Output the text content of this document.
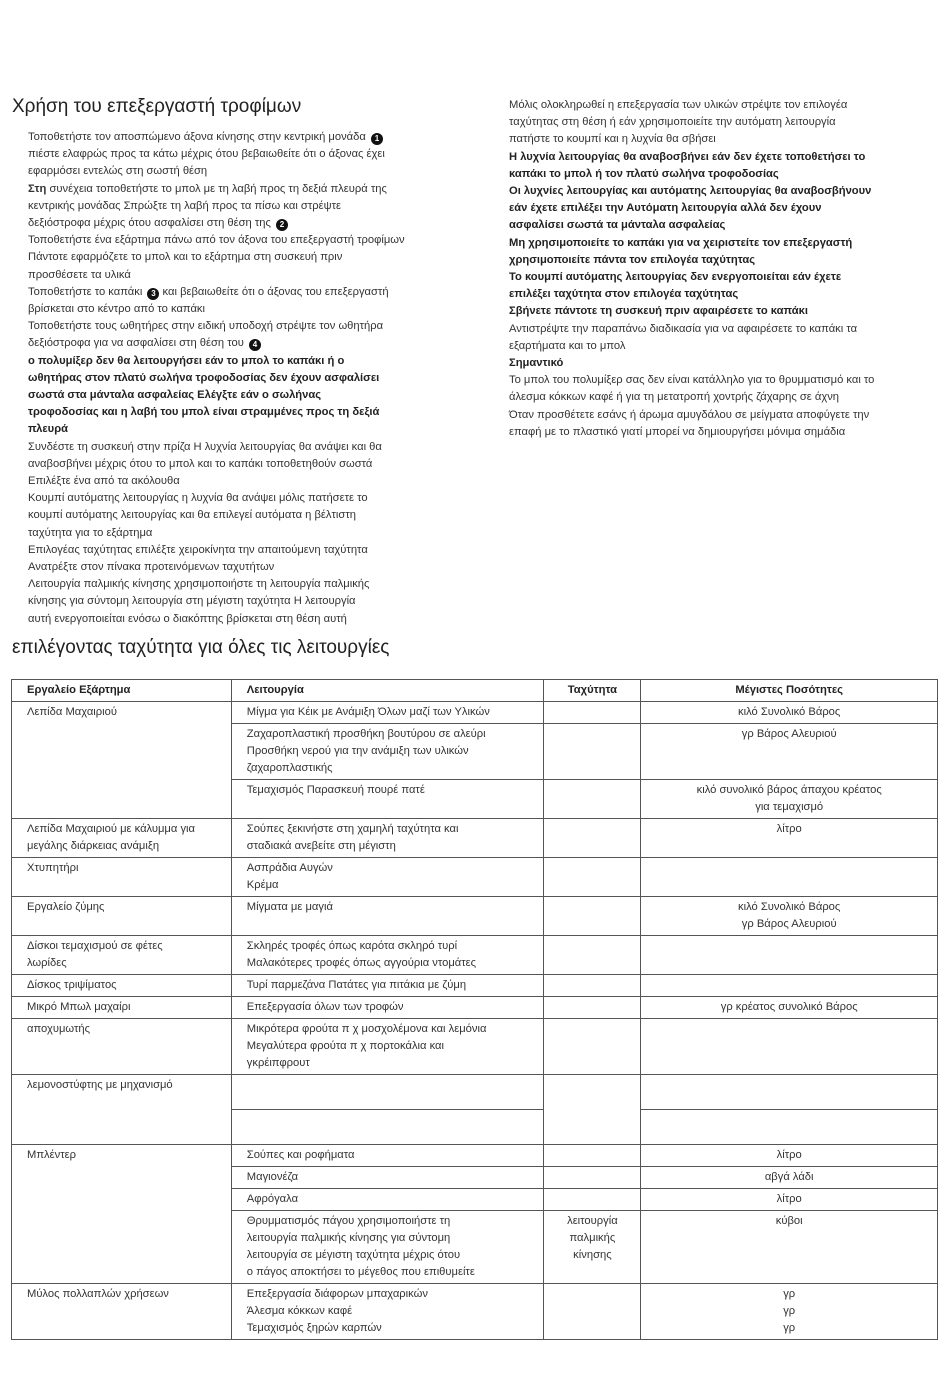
Χρήση του επεξεργαστή τροφίμων

Τοποθετήστε τον αποσπώμενο άξονα κίνησης στην κεντρική μονάδα 1

πιέστε ελαφρώς προς τα κάτω μέχρις ότου βεβαιωθείτε ότι ο άξονας έχει

εφαρμόσει εντελώς στη σωστή θέση

Στη συνέχεια τοποθετήστε το μπολ με τη λαβή προς τη δεξιά πλευρά της

κεντρικής μονάδας Σπρώξτε τη λαβή προς τα πίσω και στρέψτε

δεξιόστροφα μέχρις ότου ασφαλίσει στη θέση της 2

Τοποθετήστε ένα εξάρτημα πάνω από τον άξονα του επεξεργαστή τροφίμων

Πάντοτε εφαρμόζετε το μπολ και το εξάρτημα στη συσκευή πριν

προσθέσετε τα υλικά

Τοποθετήστε το καπάκι 3 και βεβαιωθείτε ότι ο άξονας του επεξεργαστή

βρίσκεται στο κέντρο από το καπάκι

Τοποθετήστε τους ωθητήρες στην ειδική υποδοχή στρέψτε τον ωθητήρα

δεξιόστροφα για να ασφαλίσει στη θέση του 4

ο πολυμίξερ δεν θα λειτουργήσει εάν το μπολ το καπάκι ή ο

ωθητήρας στον πλατύ σωλήνα τροφοδοσίας δεν έχουν ασφαλίσει

σωστά στα μάνταλα ασφαλείας Ελέγξτε εάν ο σωλήνας

τροφοδοσίας και η λαβή του μπολ είναι στραμμένες προς τη δεξιά

πλευρά

Συνδέστε τη συσκευή στην πρίζα Η λυχνία λειτουργίας θα ανάψει και θα

αναβοσβήνει μέχρις ότου το μπολ και το καπάκι τοποθετηθούν σωστά

Επιλέξτε ένα από τα ακόλουθα

Κουμπί αυτόματης λειτουργίας η λυχνία θα ανάψει μόλις πατήσετε το

κουμπί αυτόματης λειτουργίας και θα επιλεγεί αυτόματα η βέλτιστη

ταχύτητα για το εξάρτημα

Επιλογέας ταχύτητας επιλέξτε χειροκίνητα την απαιτούμενη ταχύτητα

Ανατρέξτε στον πίνακα προτεινόμενων ταχυτήτων

Λειτουργία παλμικής κίνησης χρησιμοποιήστε τη λειτουργία παλμικής

κίνησης για σύντομη λειτουργία στη μέγιστη ταχύτητα Η λειτουργία

αυτή ενεργοποιείται ενόσω ο διακόπτης βρίσκεται στη θέση αυτή

Μόλις ολοκληρωθεί η επεξεργασία των υλικών στρέψτε τον επιλογέα

ταχύτητας στη θέση ή εάν χρησιμοποιείτε την αυτόματη λειτουργία

πατήστε το κουμπί και η λυχνία θα σβήσει

Η λυχνία λειτουργίας θα αναβοσβήνει εάν δεν έχετε τοποθετήσει το

καπάκι το μπολ ή τον πλατύ σωλήνα τροφοδοσίας

Οι λυχνίες λειτουργίας και αυτόματης λειτουργίας θα αναβοσβήνουν

εάν έχετε επιλέξει την Αυτόματη λειτουργία αλλά δεν έχουν

ασφαλίσει σωστά τα μάνταλα ασφαλείας

Μη χρησιμοποιείτε το καπάκι για να χειριστείτε τον επεξεργαστή

χρησιμοποιείτε πάντα τον επιλογέα ταχύτητας

Το κουμπί αυτόματης λειτουργίας δεν ενεργοποιείται εάν έχετε

επιλέξει ταχύτητα στον επιλογέα ταχύτητας

Σβήνετε πάντοτε τη συσκευή πριν αφαιρέσετε το καπάκι

Αντιστρέψτε την παραπάνω διαδικασία για να αφαιρέσετε το καπάκι τα

εξαρτήματα και το μπολ

Σημαντικό

Το μπολ του πολυμίξερ σας δεν είναι κατάλληλο για το θρυμματισμό και το

άλεσμα κόκκων καφέ ή για τη μετατροπή χοντρής ζάχαρης σε άχνη

Όταν προσθέτετε εσάνς ή άρωμα αμυγδάλου σε μείγματα αποφύγετε την

επαφή με το πλαστικό γιατί μπορεί να δημιουργήσει μόνιμα σημάδια

επιλέγοντας ταχύτητα για όλες τις λειτουργίες
Εργαλείο Εξάρτημα	Λειτουργία	Ταχύτητα	Μέγιστες Ποσότητες

Λεπίδα Μαχαιριού	Μίγμα για Κέικ με Ανάμιξη Όλων μαζί των Υλικών		κιλό Συνολικό Βάρος

	Ζαχαροπλαστική προσθήκη βουτύρου σε αλεύρι
Προσθήκη νερού για την ανάμιξη των υλικών
ζαχαροπλαστικής		γρ Βάρος Αλευριού

	Τεμαχισμός Παρασκευή πουρέ πατέ		κιλό συνολικό βάρος άπαχου κρέατος
για τεμαχισμό

Λεπίδα Μαχαιριού με κάλυμμα για
μεγάλης διάρκειας ανάμιξη	Σούπες ξεκινήστε στη χαμηλή ταχύτητα και
σταδιακά ανεβείτε στη μέγιστη		λίτρο

Χτυπητήρι	Ασπράδια Αυγών
Κρέμα		

Εργαλείο ζύμης	Μίγματα με μαγιά		κιλό Συνολικό Βάρος
γρ Βάρος Αλευριού

Δίσκοι τεμαχισμού σε φέτες
λωρίδες	Σκληρές τροφές όπως καρότα σκληρό τυρί
Μαλακότερες τροφές όπως αγγούρια ντομάτες		

Δίσκος τριψίματος	Τυρί παρμεζάνα Πατάτες για πιτάκια με ζύμη		

Μικρό Μπωλ μαχαίρι	Επεξεργασία όλων των τροφών		γρ κρέατος συνολικό Βάρος

αποχυμωτής	Μικρότερα φρούτα π χ μοσχολέμονα και λεμόνια
Μεγαλύτερα φρούτα π χ πορτοκάλια και
γκρέιπφρουτ		

λεμονοστύφτης με μηχανισμό			

Μπλέντερ	Σούπες και ροφήματα		λίτρο

	Μαγιονέζα		αβγά λάδι

	Αφρόγαλα		λίτρο

	Θρυμματισμός πάγου χρησιμοποιήστε τη
λειτουργία παλμικής κίνησης για σύντομη
λειτουργία σε μέγιστη ταχύτητα μέχρις ότου
ο πάγος αποκτήσει το μέγεθος που επιθυμείτε	λειτουργία
παλμικής
κίνησης	κύβοι

Μύλος πολλαπλών χρήσεων	Επεξεργασία διάφορων μπαχαρικών
Άλεσμα κόκκων καφέ
Τεμαχισμός ξηρών καρπών		γρ
γρ
γρ
